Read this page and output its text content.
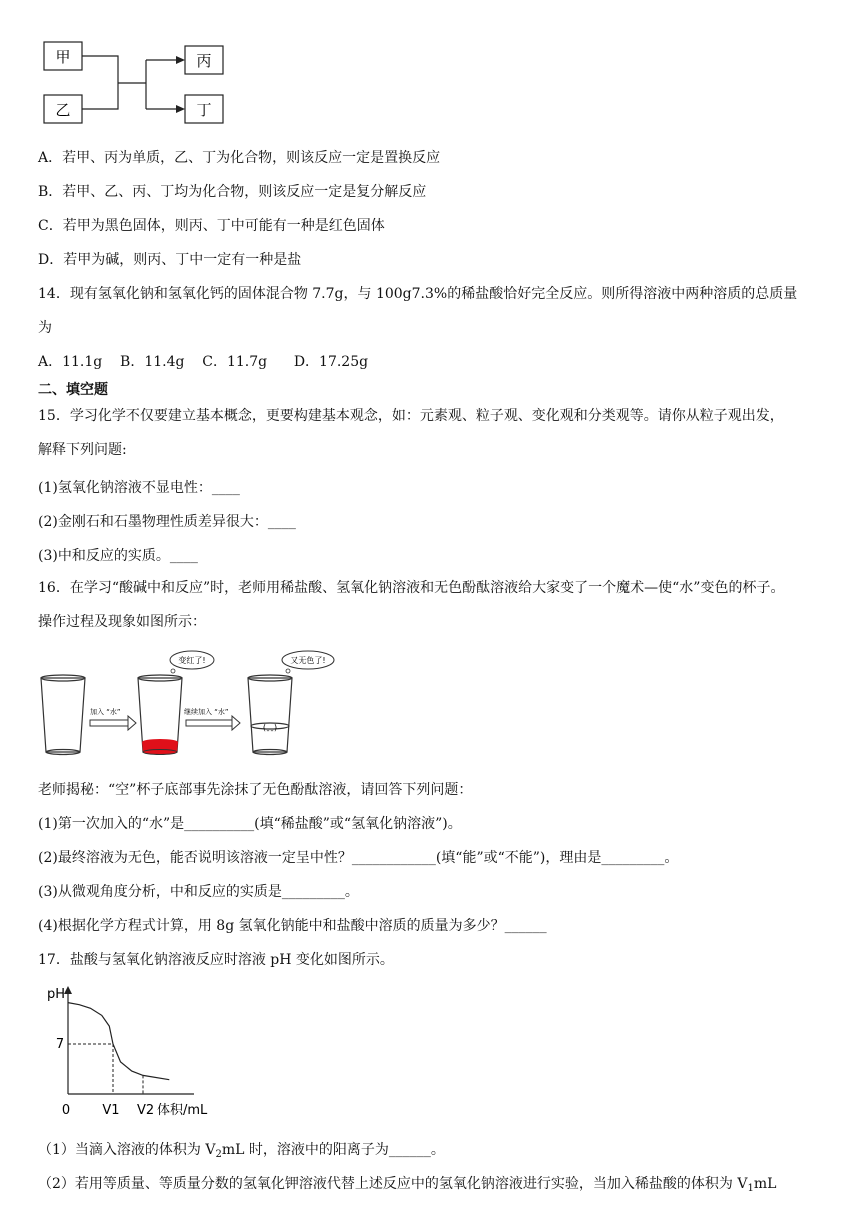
甲
乙
丙
丁
A．若甲、丙为单质，乙、丁为化合物，则该反应一定是置换反应
B．若甲、乙、丙、丁均为化合物，则该反应一定是复分解反应
C．若甲为黑色固体，则丙、丁中可能有一种是红色固体
D．若甲为碱，则丙、丁中一定有一种是盐
14．现有氢氧化钠和氢氧化钙的固体混合物 7.7g，与 100g7.3%的稀盐酸恰好完全反应。则所得溶液中两种溶质的总质量
为
A．11.1g    B．11.4g    C．11.7g      D．17.25g
二、填空题
15．学习化学不仅要建立基本概念，更要构建基本观念，如：元素观、粒子观、变化观和分类观等。请你从粒子观出发，
解释下列问题:
(1)氢氧化钠溶液不显电性：____
(2)金刚石和石墨物理性质差异很大：____
(3)中和反应的实质。____
16．在学习“酸碱中和反应”时，老师用稀盐酸、氢氧化钠溶液和无色酚酞溶液给大家变了一个魔术—使“水”变色的杯子。
操作过程及现象如图所示：
加入 “水”
变红了!
继续加入 “水”
(ˍˍ)
又无色了!
老师揭秘：“空”杯子底部事先涂抹了无色酚酞溶液，请回答下列问题：
(1)第一次加入的“水”是__________(填“稀盐酸”或“氢氧化钠溶液”)。
(2)最终溶液为无色，能否说明该溶液一定呈中性？____________(填“能”或“不能”)，理由是_________。
(3)从微观角度分析，中和反应的实质是_________。
(4)根据化学方程式计算，用 8g 氢氧化钠能中和盐酸中溶质的质量为多少？______
17．盐酸与氢氧化钠溶液反应时溶液 pH 变化如图所示。
pH
7
0 V1 V2 体积/mL
（1）当滴入溶液的体积为 $V_2mL$ 时，溶液中的阳离子为______。
（2）若用等质量、等质量分数的氢氧化钾溶液代替上述反应中的氢氧化钠溶液进行实验，当加入稀盐酸的体积为 $V_1mL$
